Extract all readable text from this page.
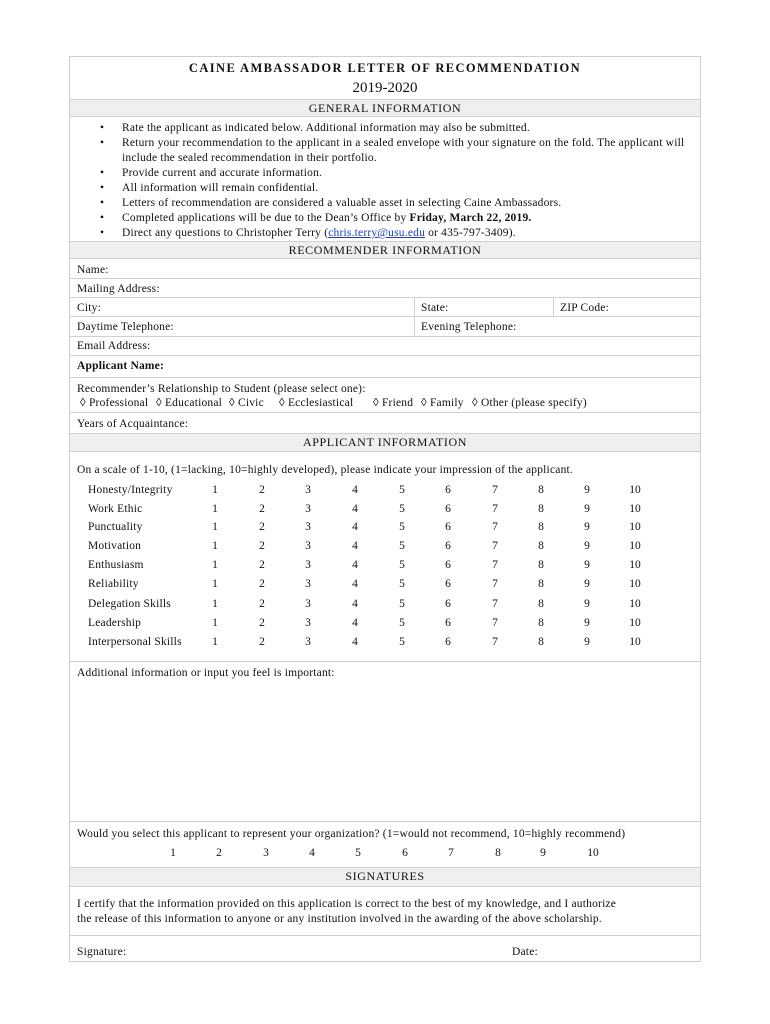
CAINE AMBASSADOR LETTER OF RECOMMENDATION
2019-2020
GENERAL INFORMATION
• Rate the applicant as indicated below. Additional information may also be submitted.
• Return your recommendation to the applicant in a sealed envelope with your signature on the fold. The applicant will include the sealed recommendation in their portfolio.
• Provide current and accurate information.
• All information will remain confidential.
• Letters of recommendation are considered a valuable asset in selecting Caine Ambassadors.
• Completed applications will be due to the Dean’s Office by Friday, March 22, 2019.
• Direct any questions to Christopher Terry (chris.terry@usu.edu or 435-797-3409).
RECOMMENDER INFORMATION
Name:
Mailing Address:
City:	State:	ZIP Code:
Daytime Telephone:	Evening Telephone:
Email Address:
Applicant Name:
Recommender’s Relationship to Student (please select one):
◊ Professional ◊ Educational ◊ Civic ◊ Ecclesiastical ◊ Friend ◊ Family ◊ Other (please specify)
Years of Acquaintance:
APPLICANT INFORMATION
On a scale of 1-10, (1=lacking, 10=highly developed), please indicate your impression of the applicant.
Honesty/Integrity	1	2	3	4	5	6	7	8	9	10
Work Ethic	1	2	3	4	5	6	7	8	9	10
Punctuality	1	2	3	4	5	6	7	8	9	10
Motivation	1	2	3	4	5	6	7	8	9	10
Enthusiasm	1	2	3	4	5	6	7	8	9	10
Reliability	1	2	3	4	5	6	7	8	9	10
Delegation Skills	1	2	3	4	5	6	7	8	9	10
Leadership	1	2	3	4	5	6	7	8	9	10
Interpersonal Skills	1	2	3	4	5	6	7	8	9	10
Additional information or input you feel is important:
Would you select this applicant to represent your organization? (1=would not recommend, 10=highly recommend)
1	2	3	4	5	6	7	8	9	10
SIGNATURES
I certify that the information provided on this application is correct to the best of my knowledge, and I authorize
the release of this information to anyone or any institution involved in the awarding of the above scholarship.
Signature:	Date:
